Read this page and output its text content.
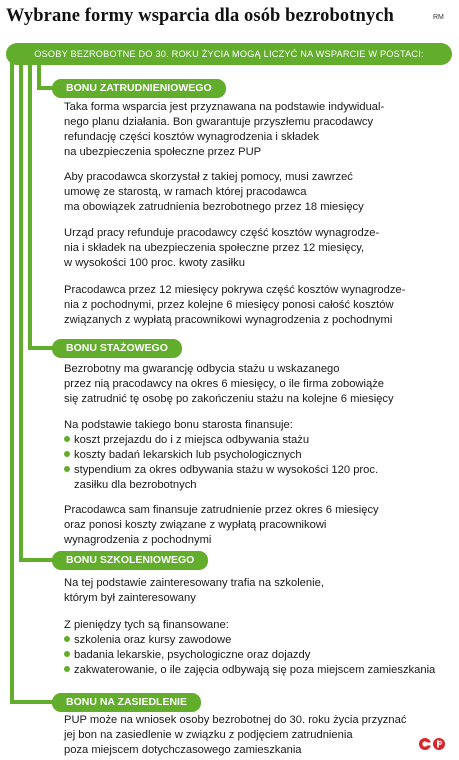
Wybrane formy wsparcia dla osób bezrobotnych	RM
OSOBY BEZROBOTNE DO 30. ROKU ŻYCIA MOGĄ LICZYĆ NA WSPARCIE W POSTACI:
BONU ZATRUDNIENIOWEGO

Taka forma wsparcia jest przyznawana na podstawie indywidual-
nego planu działania. Bon gwarantuje przyszłemu pracodawcy
refundację części kosztów wynagrodzenia i składek
na ubezpieczenia społeczne przez PUP

Aby pracodawca skorzystał z takiej pomocy, musi zawrzeć
umowę ze starostą, w ramach której pracodawca
ma obowiązek zatrudnienia bezrobotnego przez 18 miesięcy

Urząd pracy refunduje pracodawcy część kosztów wynagrodze-
nia i składek na ubezpieczenia społeczne przez 12 miesięcy,
w wysokości 100 proc. kwoty zasiłku

Pracodawca przez 12 miesięcy pokrywa część kosztów wynagrodze-
nia z pochodnymi, przez kolejne 6 miesięcy ponosi całość kosztów
związanych z wypłatą pracownikowi wynagrodzenia z pochodnymi

BONU STAŻOWEGO

Bezrobotny ma gwarancję odbycia stażu u wskazanego
przez nią pracodawcy na okres 6 miesięcy, o ile firma zobowiąże
się zatrudnić tę osobę po zakończeniu stażu na kolejne 6 miesięcy

Na podstawie takiego bonu starosta finansuje:

koszt przejazdu do i z miejsca odbywania stażu
koszty badań lekarskich lub psychologicznych
stypendium za okres odbywania stażu w wysokości 120 proc.
zasiłku dla bezrobotnych

Pracodawca sam finansuje zatrudnienie przez okres 6 miesięcy
oraz ponosi koszty związane z wypłatą pracownikowi
wynagrodzenia z pochodnymi

BONU SZKOLENIOWEGO

Na tej podstawie zainteresowany trafia na szkolenie,
którym był zainteresowany

Z pieniędzy tych są finansowane:

szkolenia oraz kursy zawodowe
badania lekarskie, psychologiczne oraz dojazdy
zakwaterowanie, o ile zajęcia odbywają się poza miejscem zamieszkania
BONU NA ZASIEDLENIE

PUP może na wniosek osoby bezrobotnej do 30. roku życia przyznać
jej bon na zasiedlenie w związku z podjęciem zatrudnienia
poza miejscem dotychczasowego zamieszkania
